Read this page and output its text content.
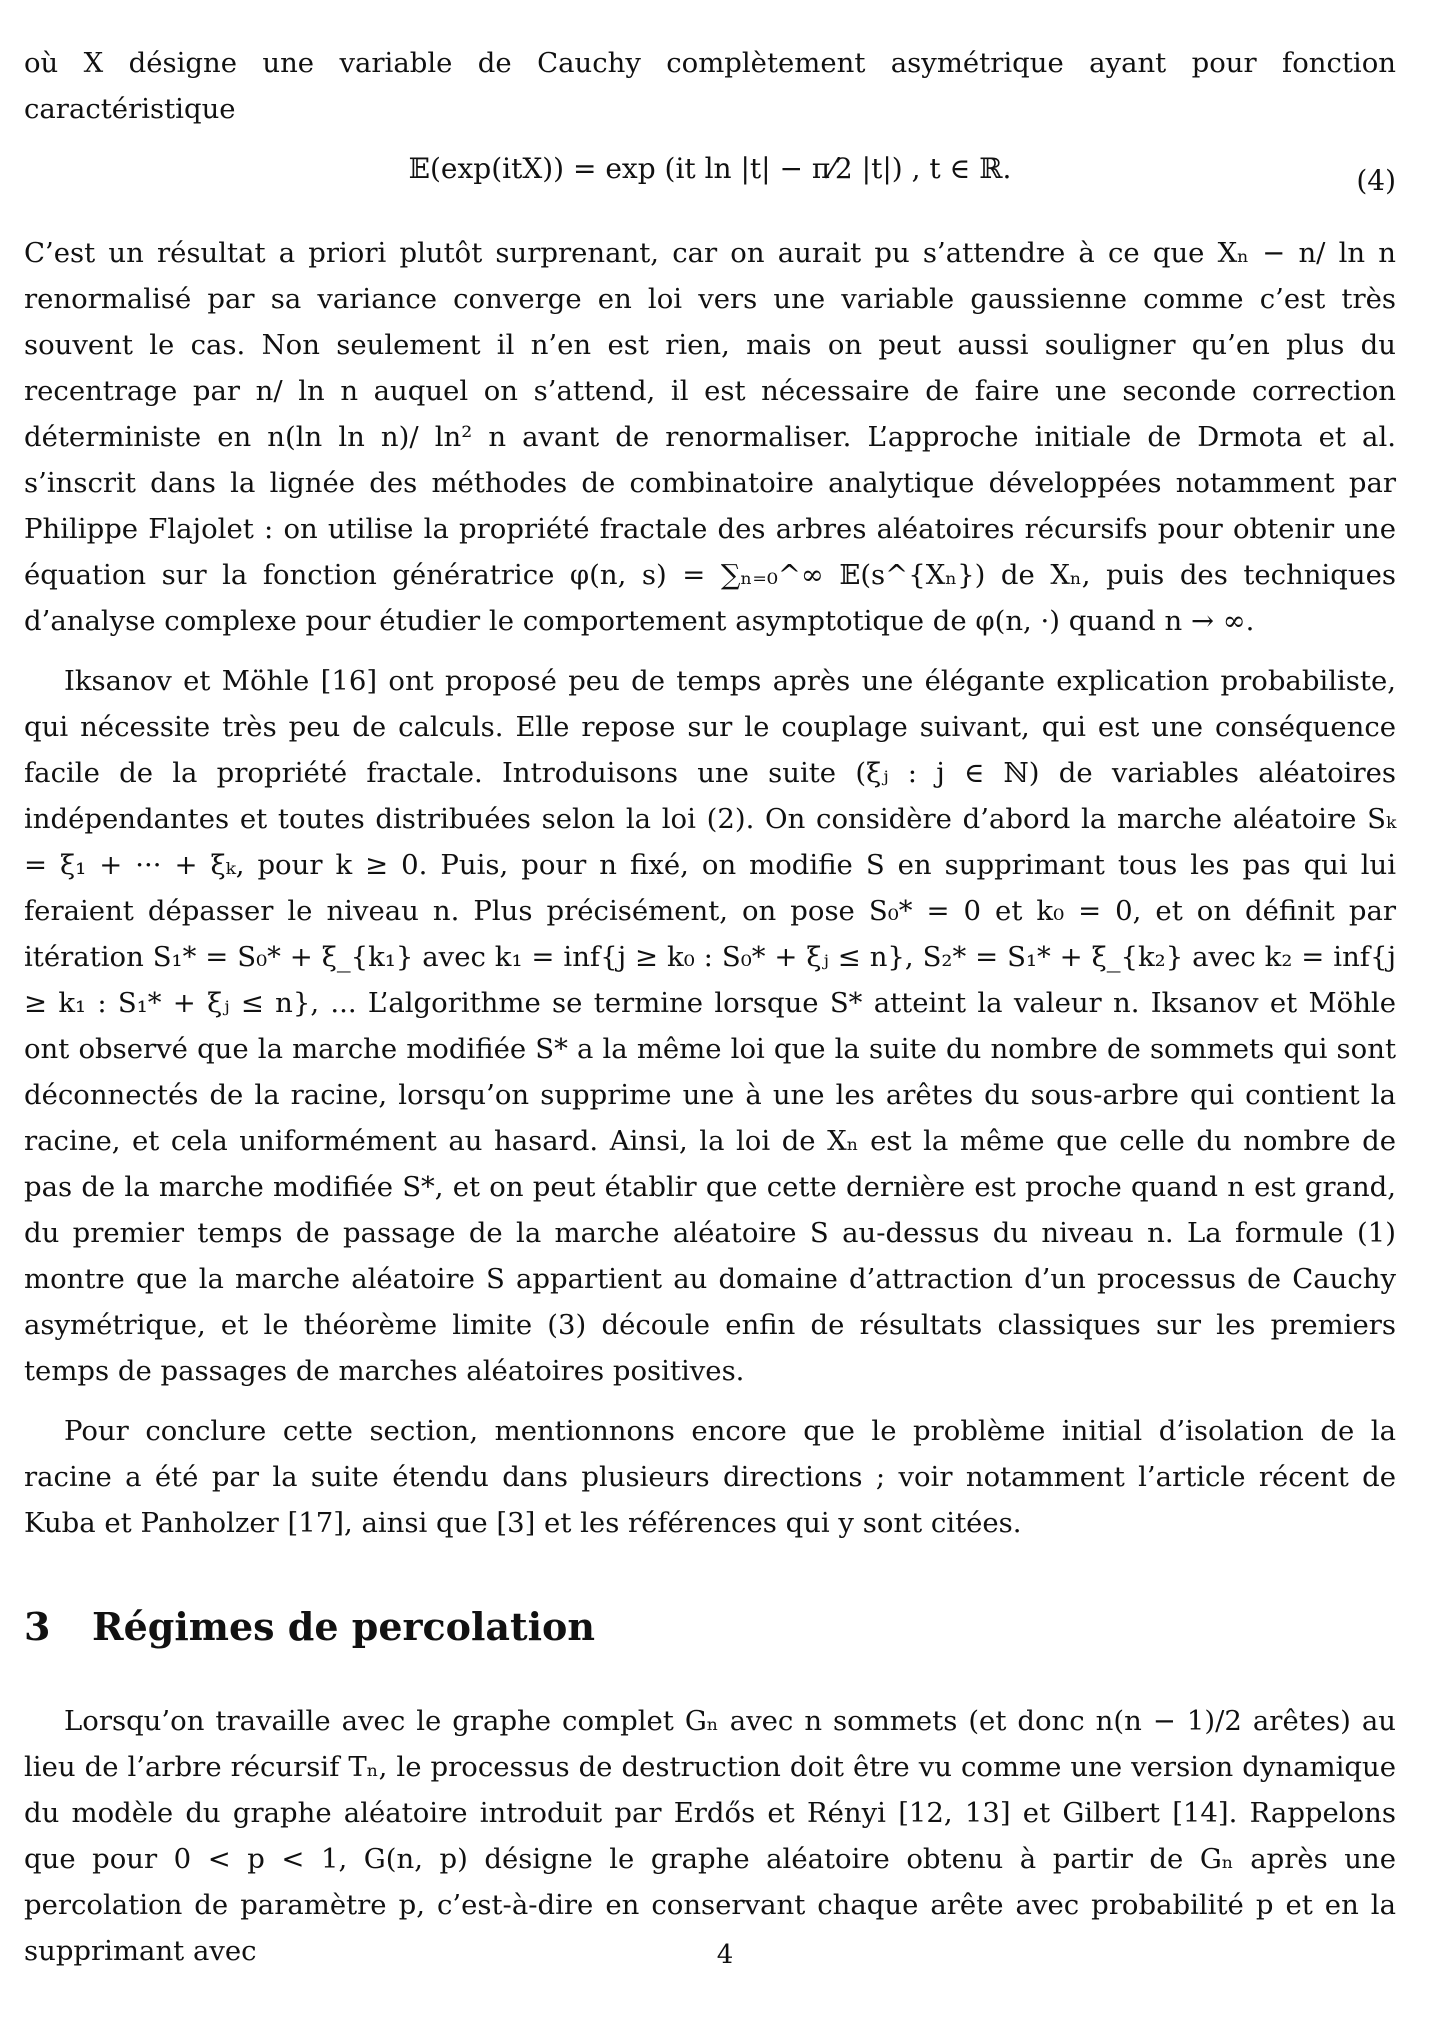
où X désigne une variable de Cauchy complètement asymétrique ayant pour fonction caractéristique

𝔼(exp(itX)) = exp (it ln |t| − π⁄2 |t|) , t ∈ ℝ.	(4)

C’est un résultat a priori plutôt surprenant, car on aurait pu s’attendre à ce que Xₙ − n/ ln n renormalisé par sa variance converge en loi vers une variable gaussienne comme c’est très souvent le cas. Non seulement il n’en est rien, mais on peut aussi souligner qu’en plus du recentrage par n/ ln n auquel on s’attend, il est nécessaire de faire une seconde correction déterministe en n(ln ln n)/ ln² n avant de renormaliser. L’approche initiale de Drmota et al. s’inscrit dans la lignée des méthodes de combinatoire analytique développées notamment par Philippe Flajolet : on utilise la propriété fractale des arbres aléatoires récursifs pour obtenir une équation sur la fonction génératrice φ(n, s) = ∑ₙ₌₀^∞ 𝔼(s^{Xₙ}) de Xₙ, puis des techniques d’analyse complexe pour étudier le comportement asymptotique de φ(n, ·) quand n → ∞.

Iksanov et Möhle [16] ont proposé peu de temps après une élégante explication probabiliste, qui nécessite très peu de calculs. Elle repose sur le couplage suivant, qui est une conséquence facile de la propriété fractale. Introduisons une suite (ξⱼ : j ∈ ℕ) de variables aléatoires indépendantes et toutes distribuées selon la loi (2). On considère d’abord la marche aléatoire Sₖ = ξ₁ + ··· + ξₖ, pour k ≥ 0. Puis, pour n fixé, on modifie S en supprimant tous les pas qui lui feraient dépasser le niveau n. Plus précisément, on pose S₀* = 0 et k₀ = 0, et on définit par itération S₁* = S₀* + ξ_{k₁} avec k₁ = inf{j ≥ k₀ : S₀* + ξⱼ ≤ n}, S₂* = S₁* + ξ_{k₂} avec k₂ = inf{j ≥ k₁ : S₁* + ξⱼ ≤ n}, ... L’algorithme se termine lorsque S* atteint la valeur n. Iksanov et Möhle ont observé que la marche modifiée S* a la même loi que la suite du nombre de sommets qui sont déconnectés de la racine, lorsqu’on supprime une à une les arêtes du sous-arbre qui contient la racine, et cela uniformément au hasard. Ainsi, la loi de Xₙ est la même que celle du nombre de pas de la marche modifiée S*, et on peut établir que cette dernière est proche quand n est grand, du premier temps de passage de la marche aléatoire S au-dessus du niveau n. La formule (1) montre que la marche aléatoire S appartient au domaine d’attraction d’un processus de Cauchy asymétrique, et le théorème limite (3) découle enfin de résultats classiques sur les premiers temps de passages de marches aléatoires positives.

Pour conclure cette section, mentionnons encore que le problème initial d’isolation de la racine a été par la suite étendu dans plusieurs directions ; voir notamment l’article récent de Kuba et Panholzer [17], ainsi que [3] et les références qui y sont citées.

3 Régimes de percolation

Lorsqu’on travaille avec le graphe complet Gₙ avec n sommets (et donc n(n − 1)/2 arêtes) au lieu de l’arbre récursif Tₙ, le processus de destruction doit être vu comme une version dynamique du modèle du graphe aléatoire introduit par Erdős et Rényi [12, 13] et Gilbert [14]. Rappelons que pour 0 < p < 1, G(n, p) désigne le graphe aléatoire obtenu à partir de Gₙ après une percolation de paramètre p, c’est-à-dire en conservant chaque arête avec probabilité p et en la supprimant avec	4
